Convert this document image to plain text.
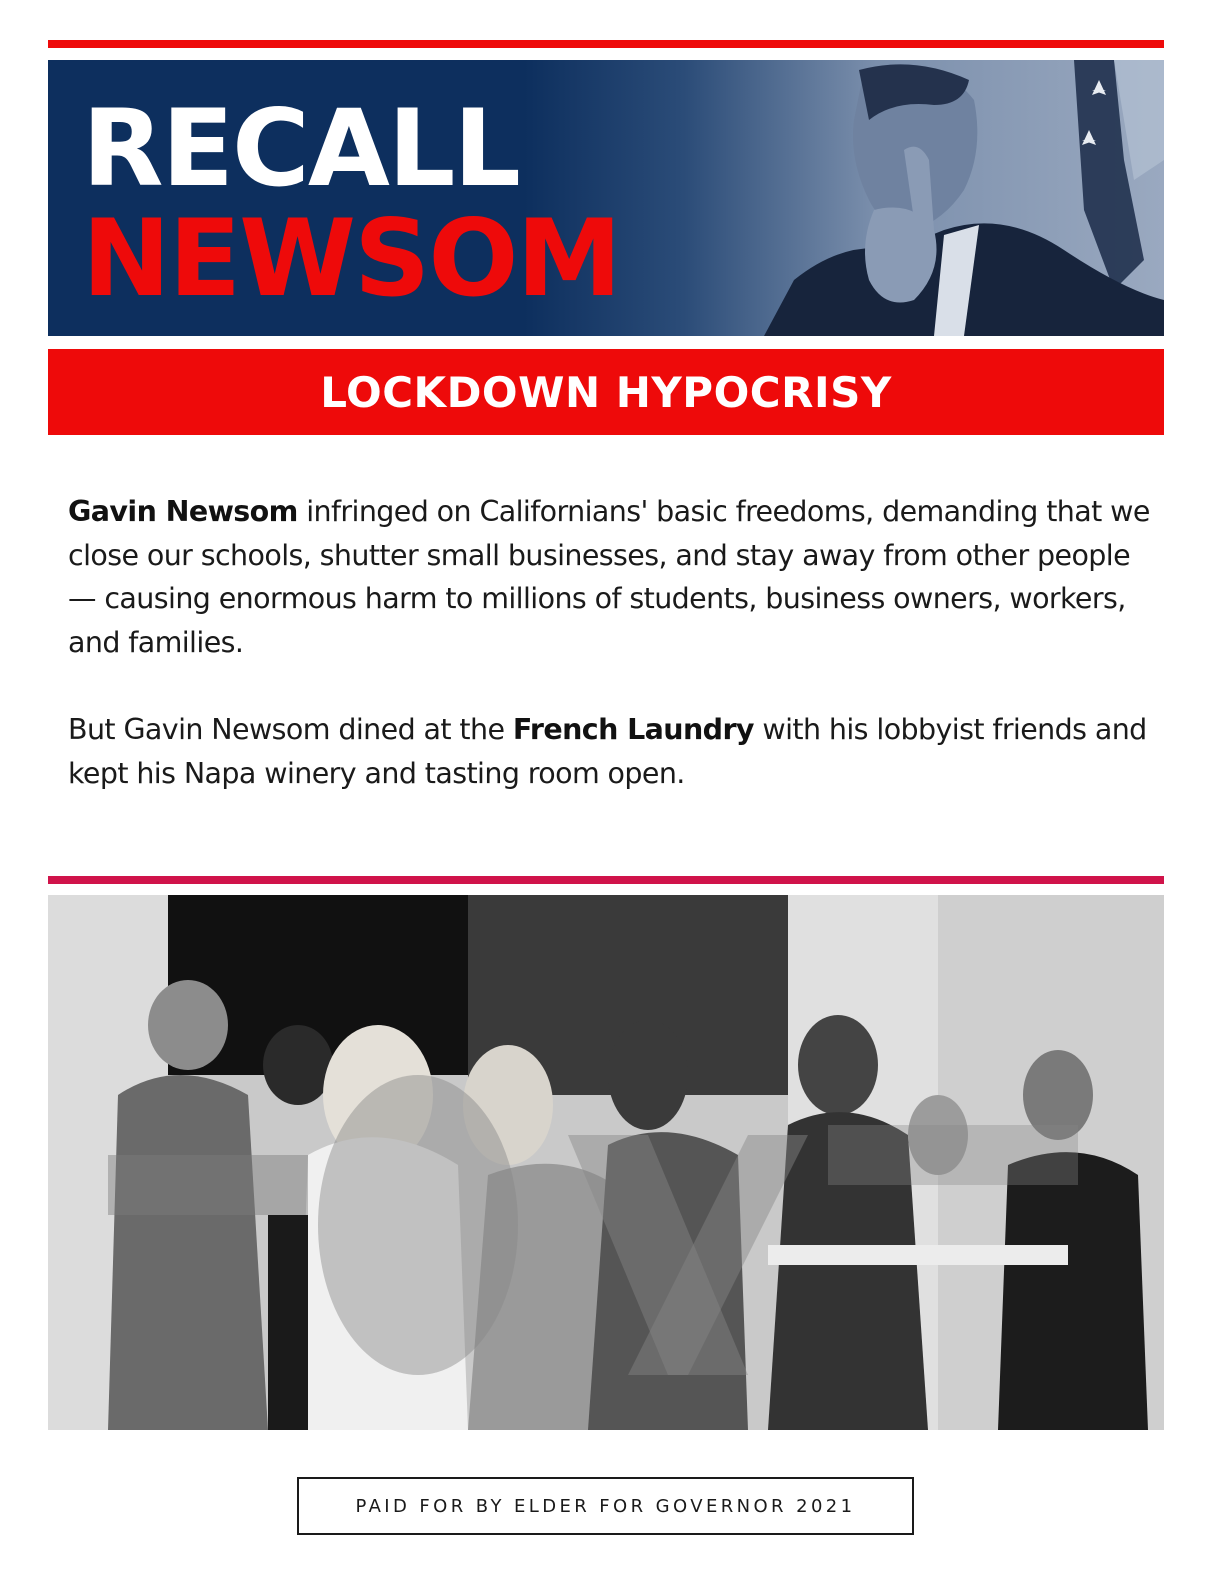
RECALL
NEWSOM
LOCKDOWN HYPOCRISY
Gavin Newsom infringed on Californians' basic freedoms, demanding that we close our schools, shutter small businesses, and stay away from other people — causing enormous harm to millions of students, business owners, workers, and families.
But Gavin Newsom dined at the French Laundry with his lobbyist friends and kept his Napa winery and tasting room open.
PAID FOR BY ELDER FOR GOVERNOR 2021
